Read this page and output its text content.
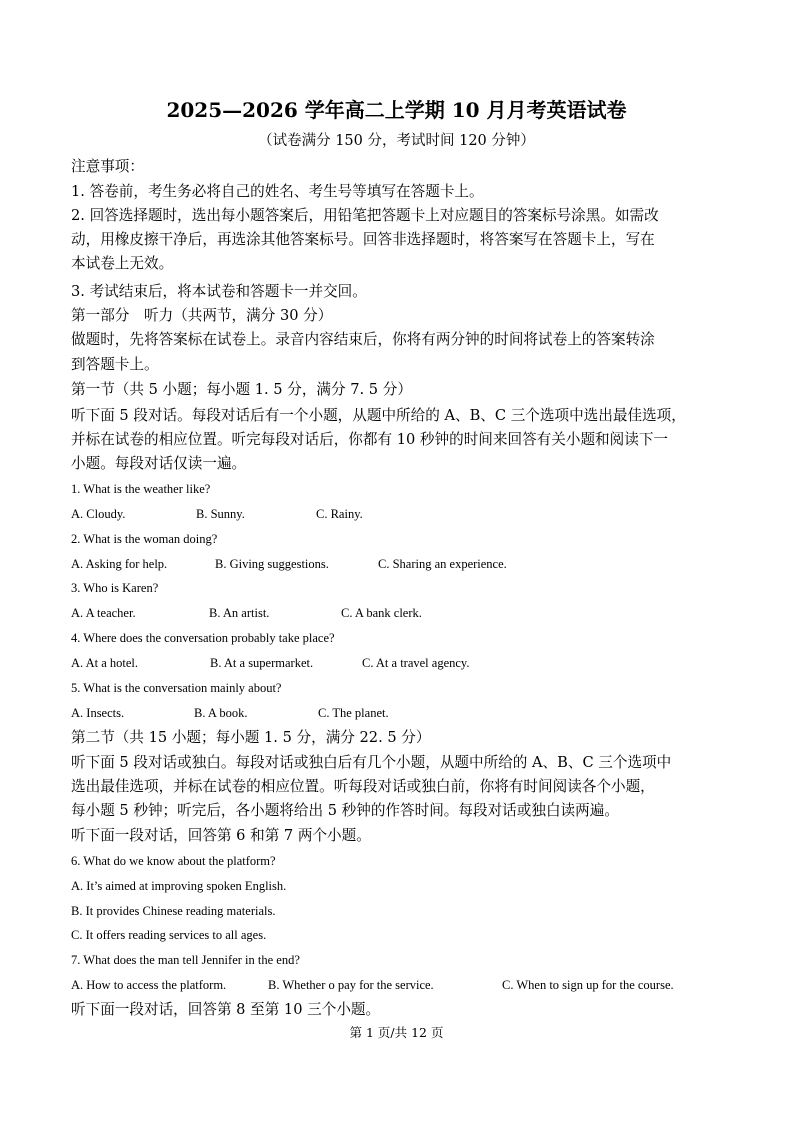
2025—2026 学年高二上学期 10 月月考英语试卷
（试卷满分 150 分，考试时间 120 分钟）
注意事项：
1. 答卷前，考生务必将自己的姓名、考生号等填写在答题卡上。
2. 回答选择题时，选出每小题答案后，用铅笔把答题卡上对应题目的答案标号涂黑。如需改
动，用橡皮擦干净后，再选涂其他答案标号。回答非选择题时，将答案写在答题卡上，写在
本试卷上无效。
3. 考试结束后，将本试卷和答题卡一并交回。
第一部分　听力（共两节，满分 30 分）
做题时，先将答案标在试卷上。录音内容结束后，你将有两分钟的时间将试卷上的答案转涂
到答题卡上。
第一节（共 5 小题；每小题 1. 5 分，满分 7. 5 分）
听下面 5 段对话。每段对话后有一个小题，从题中所给的 A、B、C 三个选项中选出最佳选项，
并标在试卷的相应位置。听完每段对话后，你都有 10 秒钟的时间来回答有关小题和阅读下一
小题。每段对话仅读一遍。
1. What is the weather like?
A. Cloudy.	B. Sunny.	C. Rainy.
2. What is the woman doing?
A. Asking for help.	B. Giving suggestions.	C. Sharing an experience.
3. Who is Karen?
A. A teacher.	B. An artist.	C. A bank clerk.
4. Where does the conversation probably take place?
A. At a hotel.	B. At a supermarket.	C. At a travel agency.
5. What is the conversation mainly about?
A. Insects.	B. A book.	C. The planet.
第二节（共 15 小题；每小题 1. 5 分，满分 22. 5 分）
听下面 5 段对话或独白。每段对话或独白后有几个小题，从题中所给的 A、B、C 三个选项中
选出最佳选项，并标在试卷的相应位置。听每段对话或独白前，你将有时间阅读各个小题，
每小题 5 秒钟；听完后，各小题将给出 5 秒钟的作答时间。每段对话或独白读两遍。
听下面一段对话，回答第 6 和第 7 两个小题。
6. What do we know about the platform?
A. It’s aimed at improving spoken English.
B. It provides Chinese reading materials.
C. It offers reading services to all ages.
7. What does the man tell Jennifer in the end?
A. How to access the platform.	B. Whether o pay for the service.	C. When to sign up for the course.
听下面一段对话，回答第 8 至第 10 三个小题。
第 1 页/共 12 页
